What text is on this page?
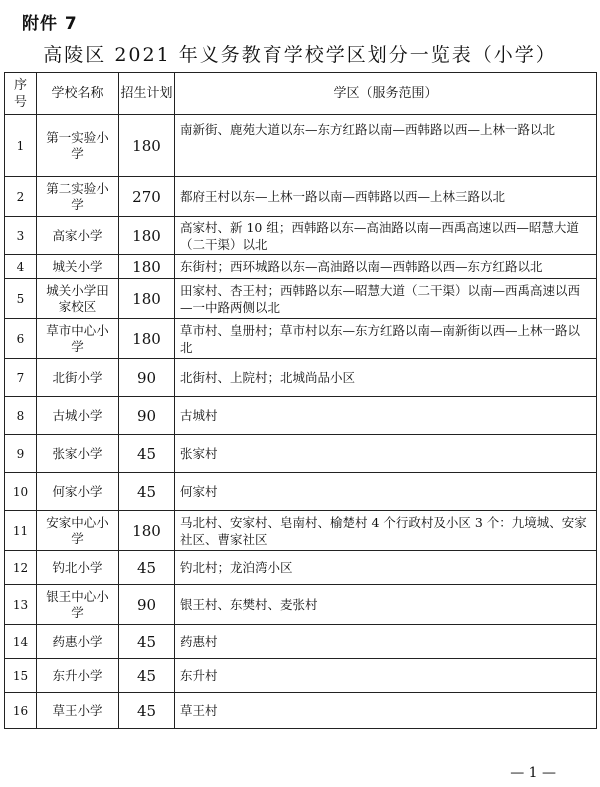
附件 7
高陵区 2021 年义务教育学校学区划分一览表（小学）
序号	学校名称	招生计划	学区（服务范围）
1	第一实验小学	180	南新街、鹿苑大道以东—东方红路以南—西韩路以西—上林一路以北
2	第二实验小学	270	都府王村以东—上林一路以南—西韩路以西—上林三路以北
3	高家小学	180	高家村、新 10 组；西韩路以东—高油路以南—西禹高速以西—昭慧大道（二干渠）以北
4	城关小学	180	东街村；西环城路以东—高油路以南—西韩路以西—东方红路以北
5	城关小学田家校区	180	田家村、杏王村；西韩路以东—昭慧大道（二干渠）以南—西禹高速以西—一中路两侧以北
6	草市中心小学	180	草市村、皇册村；草市村以东—东方红路以南—南新街以西—上林一路以北
7	北街小学	90	北街村、上院村；北城尚品小区
8	古城小学	90	古城村
9	张家小学	45	张家村
10	何家小学	45	何家村
11	安家中心小学	180	马北村、安家村、皂南村、榆楚村 4 个行政村及小区 3 个：九境城、安家社区、曹家社区
12	钓北小学	45	钓北村；龙泊湾小区
13	银王中心小学	90	银王村、东樊村、麦张村
14	药惠小学	45	药惠村
15	东升小学	45	东升村
16	草王小学	45	草王村
— 1 —
